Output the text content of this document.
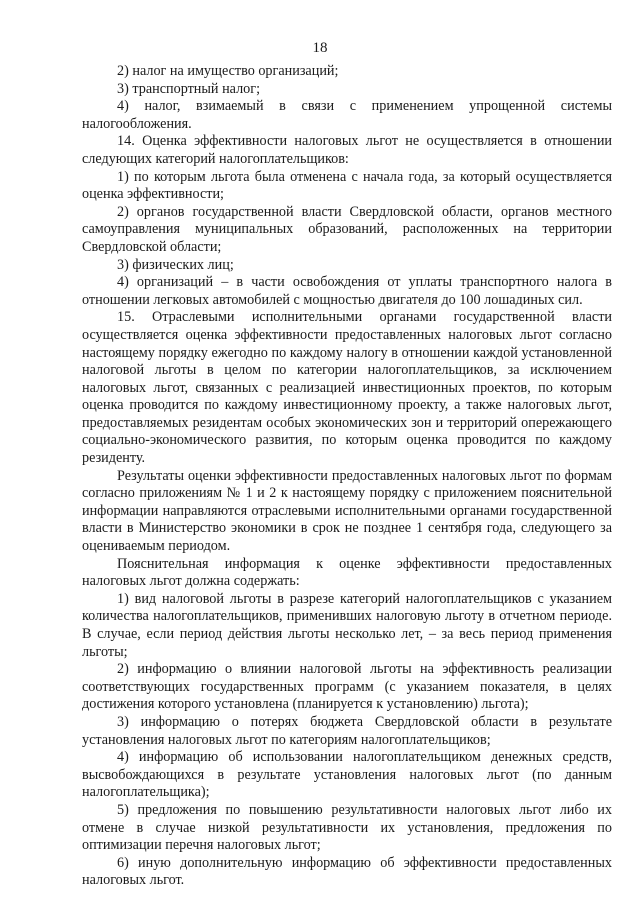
18

2) налог на имущество организаций;

3) транспортный налог;

4) налог, взимаемый в связи с применением упрощенной системы налогообложения.

14. Оценка эффективности налоговых льгот не осуществляется в отношении следующих категорий налогоплательщиков:

1) по которым льгота была отменена с начала года, за который осуществляется оценка эффективности;

2) органов государственной власти Свердловской области, органов местного самоуправления муниципальных образований, расположенных на территории Свердловской области;

3) физических лиц;

4) организаций – в части освобождения от уплаты транспортного налога в отношении легковых автомобилей с мощностью двигателя до 100 лошадиных сил.

15. Отраслевыми исполнительными органами государственной власти осуществляется оценка эффективности предоставленных налоговых льгот согласно настоящему порядку ежегодно по каждому налогу в отношении каждой установленной налоговой льготы в целом по категории налогоплательщиков, за исключением налоговых льгот, связанных с реализацией инвестиционных проектов, по которым оценка проводится по каждому инвестиционному проекту, а также налоговых льгот, предоставляемых резидентам особых экономических зон и территорий опережающего социально-экономического развития, по которым оценка проводится по каждому резиденту.

Результаты оценки эффективности предоставленных налоговых льгот по формам согласно приложениям № 1 и 2 к настоящему порядку с приложением пояснительной информации направляются отраслевыми исполнительными органами государственной власти в Министерство экономики в срок не позднее 1 сентября года, следующего за оцениваемым периодом.

Пояснительная информация к оценке эффективности предоставленных налоговых льгот должна содержать:

1) вид налоговой льготы в разрезе категорий налогоплательщиков с указанием количества налогоплательщиков, применивших налоговую льготу в отчетном периоде. В случае, если период действия льготы несколько лет, – за весь период применения льготы;

2) информацию о влиянии налоговой льготы на эффективность реализации соответствующих государственных программ (с указанием показателя, в целях достижения которого установлена (планируется к установлению) льгота);

3) информацию о потерях бюджета Свердловской области в результате установления налоговых льгот по категориям налогоплательщиков;

4) информацию об использовании налогоплательщиком денежных средств, высвобождающихся в результате установления налоговых льгот (по данным налогоплательщика);

5) предложения по повышению результативности налоговых льгот либо их отмене в случае низкой результативности их установления, предложения по оптимизации перечня налоговых льгот;

6) иную дополнительную информацию об эффективности предоставленных налоговых льгот.
